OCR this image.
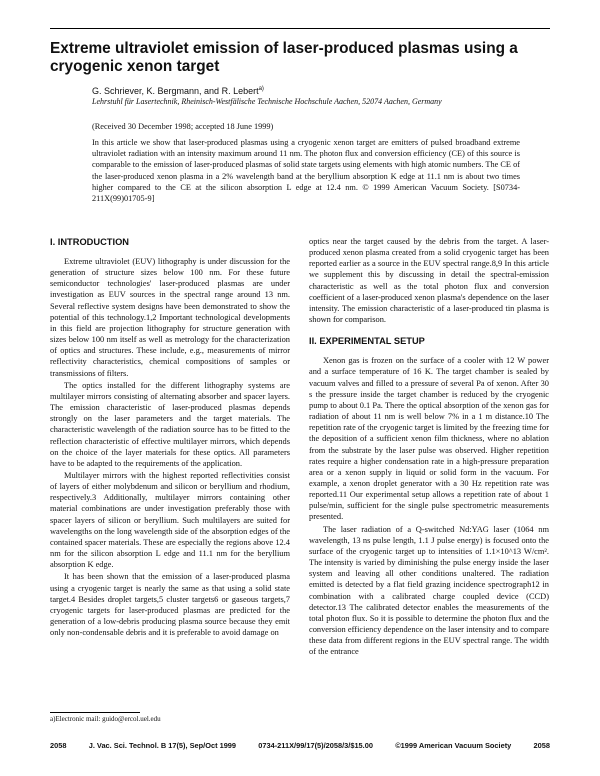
Extreme ultraviolet emission of laser-produced plasmas using a cryogenic xenon target
G. Schriever, K. Bergmann, and R. Lebert$^{a)}$
Lehrstuhl für Lasertechnik, Rheinisch-Westfälische Technische Hochschule Aachen, 52074 Aachen, Germany
(Received 30 December 1998; accepted 18 June 1999)

In this article we show that laser-produced plasmas using a cryogenic xenon target are emitters of pulsed broadband extreme ultraviolet radiation with an intensity maximum around 11 nm. The photon flux and conversion efficiency (CE) of this source is comparable to the emission of laser-produced plasmas of solid state targets using elements with high atomic numbers. The CE of the laser-produced xenon plasma in a 2% wavelength band at the beryllium absorption K edge at 11.1 nm is about two times higher compared to the CE at the silicon absorption L edge at 12.4 nm. © 1999 American Vacuum Society. [S0734-211X(99)01705-9]

I. INTRODUCTION

Extreme ultraviolet (EUV) lithography is under discussion for the generation of structure sizes below 100 nm. For these future semiconductor technologies' laser-produced plasmas are under investigation as EUV sources in the spectral range around 13 nm. Several reflective system designs have been demonstrated to show the potential of this technology.1,2 Important technological developments in this field are projection lithography for structure generation with sizes below 100 nm itself as well as metrology for the characterization of optics and structures. These include, e.g., measurements of mirror reflectivity characteristics, chemical compositions of samples or transmissions of filters.

The optics installed for the different lithography systems are multilayer mirrors consisting of alternating absorber and spacer layers. The emission characteristic of laser-produced plasmas depends strongly on the laser parameters and the target materials. The characteristic wavelength of the radiation source has to be fitted to the reflection characteristic of effective multilayer mirrors, which depends on the choice of the layer materials for these optics. All parameters have to be adapted to the requirements of the application.

Multilayer mirrors with the highest reported reflectivities consist of layers of either molybdenum and silicon or beryllium and rhodium, respectively.3 Additionally, multilayer mirrors containing other material combinations are under investigation preferably those with spacer layers of silicon or beryllium. Such multilayers are suited for wavelengths on the long wavelength side of the absorption edges of the contained spacer materials. These are especially the regions above 12.4 nm for the silicon absorption L edge and 11.1 nm for the beryllium absorption K edge.

It has been shown that the emission of a laser-produced plasma using a cryogenic target is nearly the same as that using a solid state target.4 Besides droplet targets,5 cluster targets6 or gaseous targets,7 cryogenic targets for laser-produced plasmas are predicted for the generation of a low-debris producing plasma source because they emit only non-condensable debris and it is preferable to avoid damage on

optics near the target caused by the debris from the target. A laser-produced xenon plasma created from a solid cryogenic target has been reported earlier as a source in the EUV spectral range.8,9 In this article we supplement this by discussing in detail the spectral-emission characteristic as well as the total photon flux and conversion coefficient of a laser-produced xenon plasma's dependence on the laser intensity. The emission characteristic of a laser-produced tin plasma is shown for comparison.

II. EXPERIMENTAL SETUP

Xenon gas is frozen on the surface of a cooler with 12 W power and a surface temperature of 16 K. The target chamber is sealed by vacuum valves and filled to a pressure of several Pa of xenon. After 30 s the pressure inside the target chamber is reduced by the cryogenic pump to about 0.1 Pa. There the optical absorption of the xenon gas for radiation of about 11 nm is well below 7% in a 1 m distance.10 The repetition rate of the cryogenic target is limited by the freezing time for the deposition of a sufficient xenon film thickness, where no ablation from the substrate by the laser pulse was observed. Higher repetition rates require a higher condensation rate in a high-pressure preparation area or a xenon supply in liquid or solid form in the vacuum. For example, a xenon droplet generator with a 30 Hz repetition rate was reported.11 Our experimental setup allows a repetition rate of about 1 pulse/min, sufficient for the single pulse spectrometric measurements presented.

The laser radiation of a Q-switched Nd:YAG laser (1064 nm wavelength, 13 ns pulse length, 1.1 J pulse energy) is focused onto the surface of the cryogenic target up to intensities of 1.1×10^13 W/cm². The intensity is varied by diminishing the pulse energy inside the laser system and leaving all other conditions unaltered. The radiation emitted is detected by a flat field grazing incidence spectrograph12 in combination with a calibrated charge coupled device (CCD) detector.13 The calibrated detector enables the measurements of the total photon flux. So it is possible to determine the photon flux and the conversion efficiency dependence on the laser intensity and to compare these data from different regions in the EUV spectral range. The width of the entrance

a)Electronic mail: guido@ercol.uel.edu
2058	J. Vac. Sci. Technol. B 17(5), Sep/Oct 1999	0734-211X/99/17(5)/2058/3/$15.00	©1999 American Vacuum Society	2058
